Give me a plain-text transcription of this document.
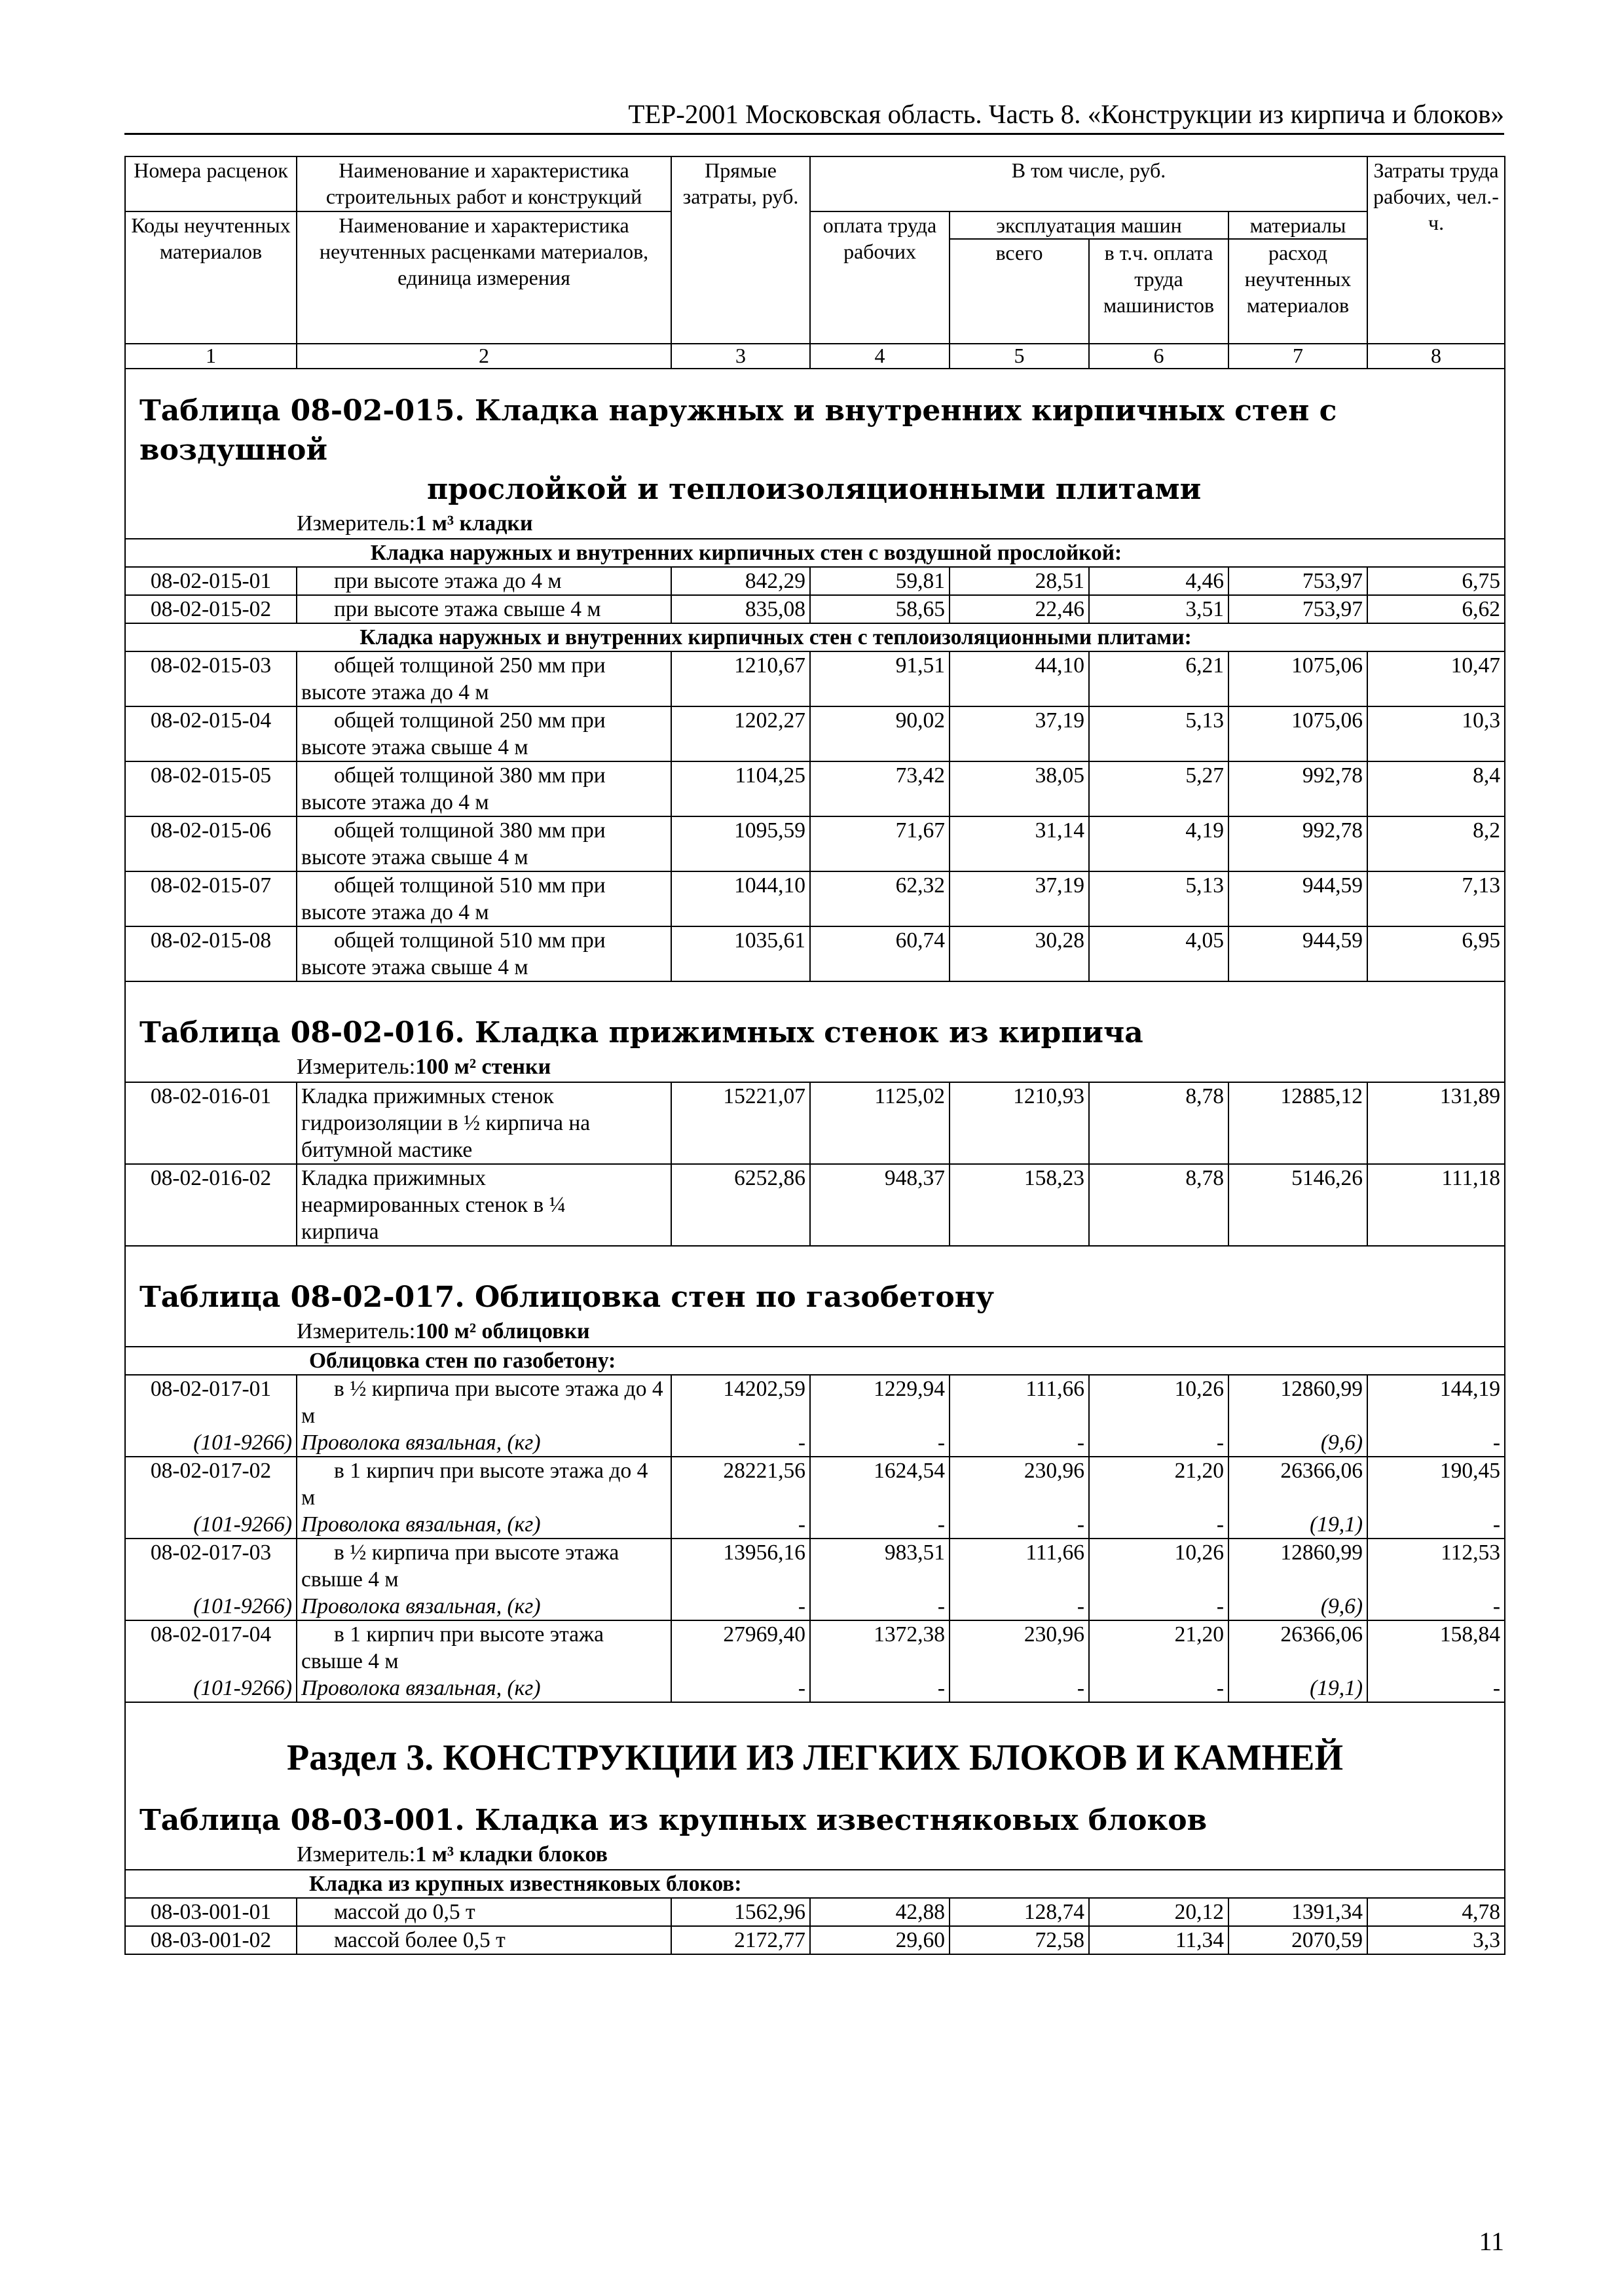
ТЕР-2001 Московская область. Часть 8. «Конструкции из кирпича и блоков»
Номера расценок	Наименование и характеристика строительных работ и конструкций	Прямые затраты, руб.	В том числе, руб.				Затраты труда рабочих, чел.-ч.
Коды неучтенных материалов	Наименование и характеристика неучтенных расценками материалов, единица измерения		оплата труда рабочих	эксплуатация машин		материалы	
				всего	в т.ч. оплата труда машинистов	расход неучтенных материалов	
1	2	3	4	5	6	7	8

Таблица 08-02-015. Кладка наружных и внутренних кирпичных стен с воздушной
прослойкой и теплоизоляционными плитами							

Измеритель:1 м³ кладки							
Кладка наружных и внутренних кирпичных стен с воздушной прослойкой:							
08-02-015-01	при высоте этажа до 4 м	842,29	59,81	28,51	4,46	753,97	6,75
08-02-015-02	при высоте этажа свыше 4 м	835,08	58,65	22,46	3,51	753,97	6,62
Кладка наружных и внутренних кирпичных стен с теплоизоляционными плитами:							
08-02-015-03	общей толщиной 250 мм при высоте этажа до 4 м	1210,67	91,51	44,10	6,21	1075,06	10,47
08-02-015-04	общей толщиной 250 мм при высоте этажа свыше 4 м	1202,27	90,02	37,19	5,13	1075,06	10,3
08-02-015-05	общей толщиной 380 мм при высоте этажа до 4 м	1104,25	73,42	38,05	5,27	992,78	8,4
08-02-015-06	общей толщиной 380 мм при высоте этажа свыше 4 м	1095,59	71,67	31,14	4,19	992,78	8,2
08-02-015-07	общей толщиной 510 мм при высоте этажа до 4 м	1044,10	62,32	37,19	5,13	944,59	7,13
08-02-015-08	общей толщиной 510 мм при высоте этажа свыше 4 м	1035,61	60,74	30,28	4,05	944,59	6,95

Таблица 08-02-016. Кладка прижимных стенок из кирпича							

Измеритель:100 м² стенки							
08-02-016-01	Кладка прижимных стенок гидроизоляции в ½ кирпича на битумной мастике	15221,07	1125,02	1210,93	8,78	12885,12	131,89
08-02-016-02	Кладка прижимных неармированных стенок в ¼ кирпича	6252,86	948,37	158,23	8,78	5146,26	111,18

Таблица 08-02-017. Облицовка стен по газобетону							

Измеритель:100 м² облицовки							
Облицовка стен по газобетону:							
08-02-017-01	в ½ кирпича при высоте этажа до 4 м	14202,59	1229,94	111,66	10,26	12860,99	144,19
(101-9266)	Проволока вязальная, (кг)	-	-	-	-	(9,6)	-
08-02-017-02	в 1 кирпич при высоте этажа до 4 м	28221,56	1624,54	230,96	21,20	26366,06	190,45
(101-9266)	Проволока вязальная, (кг)	-	-	-	-	(19,1)	-
08-02-017-03	в ½ кирпича при высоте этажа свыше 4 м	13956,16	983,51	111,66	10,26	12860,99	112,53
(101-9266)	Проволока вязальная, (кг)	-	-	-	-	(9,6)	-
08-02-017-04	в 1 кирпич при высоте этажа свыше 4 м	27969,40	1372,38	230,96	21,20	26366,06	158,84
(101-9266)	Проволока вязальная, (кг)	-	-	-	-	(19,1)	-
Раздел 3. КОНСТРУКЦИИ ИЗ ЛЕГКИХ БЛОКОВ И КАМНЕЙ							

Таблица 08-03-001. Кладка из крупных известняковых блоков							

Измеритель:1 м³ кладки блоков							
Кладка из крупных известняковых блоков:							
08-03-001-01	массой до 0,5 т	1562,96	42,88	128,74	20,12	1391,34	4,78
08-03-001-02	массой более 0,5 т	2172,77	29,60	72,58	11,34	2070,59	3,3
11
